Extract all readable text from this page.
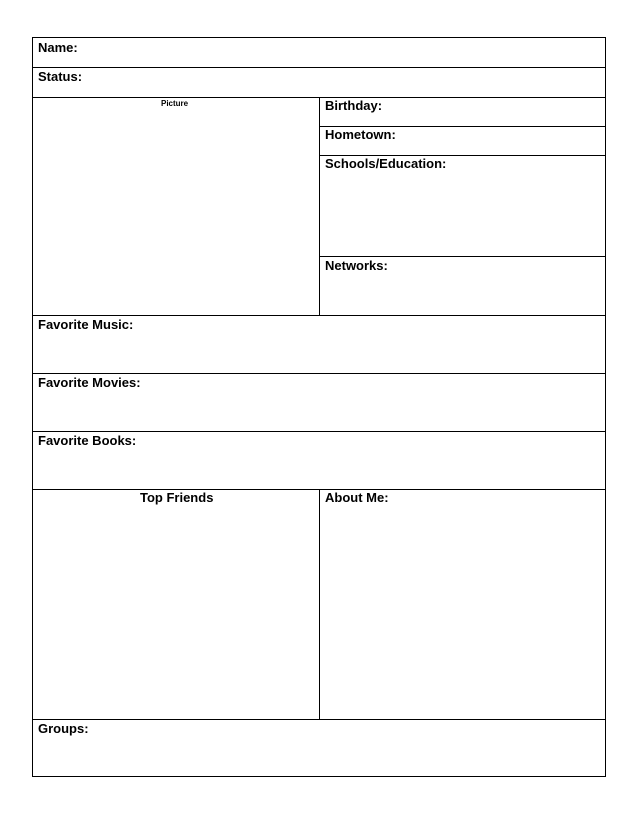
Name:
Status:
Picture	Birthday:
Hometown:
Schools/Education:
Networks:
Favorite Music:
Favorite Movies:
Favorite Books:
Top Friends	About Me:
Groups:
